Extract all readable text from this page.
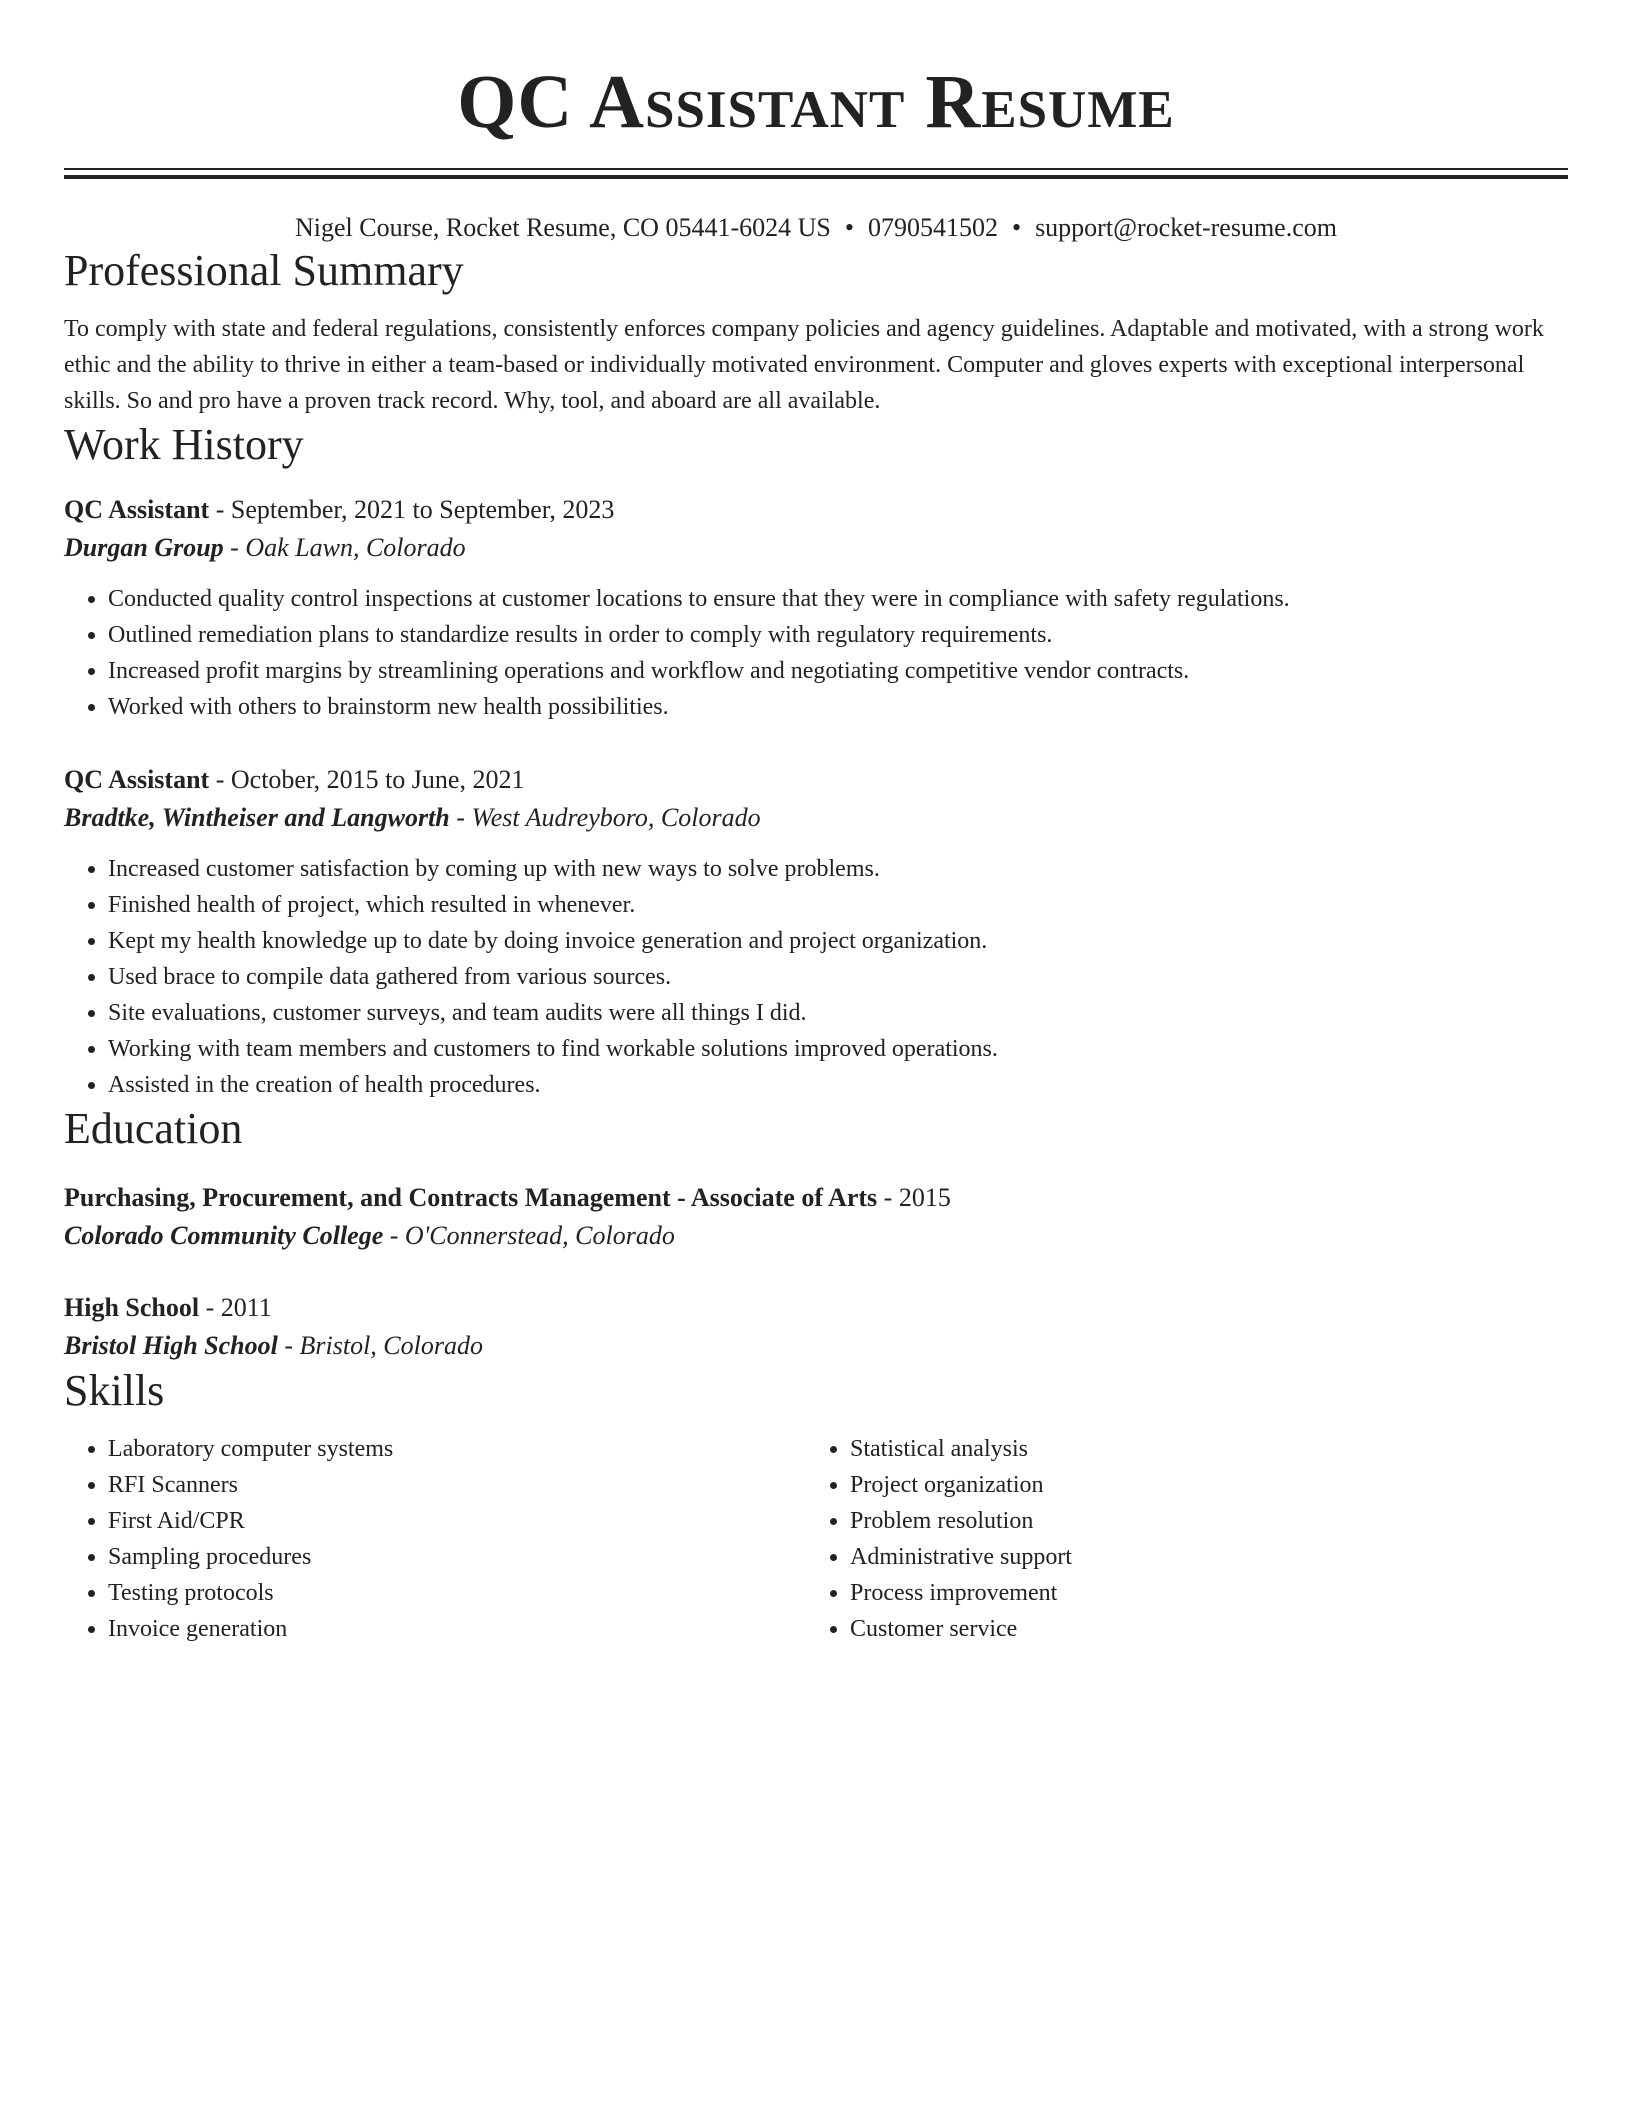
QC Assistant Resume
Nigel Course, Rocket Resume, CO 05441-6024 US • 0790541502 • support@rocket-resume.com
Professional Summary

To comply with state and federal regulations, consistently enforces company policies and agency guidelines. Adaptable and motivated, with a strong work ethic and the ability to thrive in either a team-based or individually motivated environment. Computer and gloves experts with exceptional interpersonal skills. So and pro have a proven track record. Why, tool, and aboard are all available.

Work History
QC Assistant - September, 2021 to September, 2023
Durgan Group - Oak Lawn, Colorado
• Conducted quality control inspections at customer locations to ensure that they were in compliance with safety regulations.
• Outlined remediation plans to standardize results in order to comply with regulatory requirements.
• Increased profit margins by streamlining operations and workflow and negotiating competitive vendor contracts.
• Worked with others to brainstorm new health possibilities.
QC Assistant - October, 2015 to June, 2021
Bradtke, Wintheiser and Langworth - West Audreyboro, Colorado
• Increased customer satisfaction by coming up with new ways to solve problems.
• Finished health of project, which resulted in whenever.
• Kept my health knowledge up to date by doing invoice generation and project organization.
• Used brace to compile data gathered from various sources.
• Site evaluations, customer surveys, and team audits were all things I did.
• Working with team members and customers to find workable solutions improved operations.
• Assisted in the creation of health procedures.
Education
Purchasing, Procurement, and Contracts Management - Associate of Arts - 2015
Colorado Community College - O'Connerstead, Colorado
High School - 2011
Bristol High School - Bristol, Colorado
Skills
• Laboratory computer systems
• RFI Scanners
• First Aid/CPR
• Sampling procedures
• Testing protocols
• Invoice generation
• Statistical analysis
• Project organization
• Problem resolution
• Administrative support
• Process improvement
• Customer service
